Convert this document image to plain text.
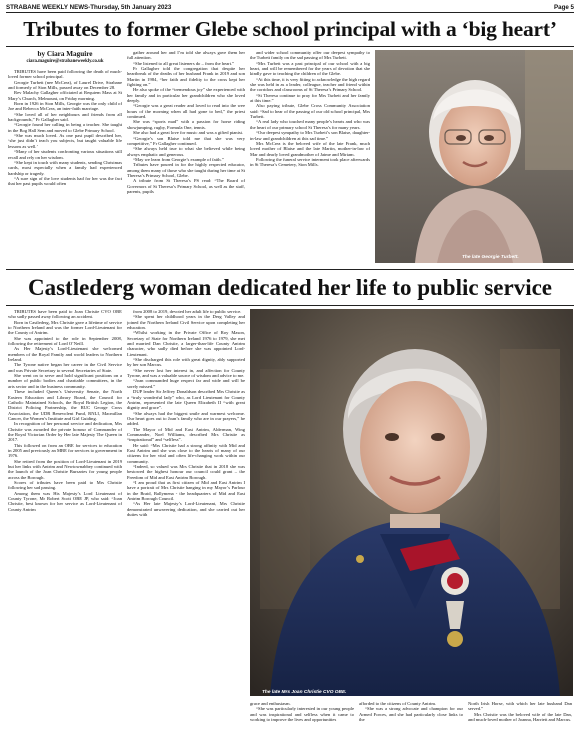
STRABANE WEEKLY NEWS-Thursday, 5th January 2023	Page 5
Tributes to former Glebe school principal with a ‘big heart’
by Ciara Maguire
ciara.maguire@strabaneweekly.co.uk

TRIBUTES have been paid following the death of much-loved former school principal.

Georgie Turbett (nee McCrea), of Laurel Drive, Strabane and formerly of Sion Mills, passed away on December 28.

Rev Malachy Gallagher officiated at Requiem Mass at St Mary’s Church, Melmount, on Friday morning.

Born in 1926 in Sion Mills, Georgie was the only child of Joe and Rebecca McCrea, an inter-faith marriage.

“She loved all of her neighbours and friends from all backgrounds,” Fr Gallagher said.

“Georgie found her calling in being a teacher. She taught in the Bog Hall Sem and moved to Glebe Primary School.

“She was much loved. As one past pupil described her, ‘she just didn’t teach you subjects, but taught valuable life lessons as well.’

“Many of her students confronting various situations still recall and rely on her wisdom.

“She kept in touch with many students, sending Christmas cards, most especially when a family had experienced hardship or tragedy.

“A sure sign of the love students had for her was the fact that her past pupils would often

gather around her and I’m told she always gave them her full attention.

“She listened to all great listeners do – from the heart.”

Fr Gallagher told the congregation that despite her heartbreak of the deaths of her husband Frank in 2019 and son Martin in 1984, “her faith and fidelity to the cross kept her fighting on.”

He also spoke of the “tremendous joy” she experienced with her family and in particular her grandchildren who she loved deeply.

“Georgie was a great reader and loved to read into the wee hours of the morning when all had gone to bed,” the priest continued.

She was “sports mad” with a passion for horse riding showjumping, rugby, Formula One, tennis.

She also had a great love for music and was a gifted pianist.

“Georgie’s son Blaise told me that she was very competitive,” Fr Gallagher continued.

“She always held true to what she believed while being always emphatic and generous.

“May we learn from Georgie’s example of faith.”

Tributes have poured in for the highly respected educator, among them many of those who she taught during her time at St Theresa’s Primary School, Glebe.

A tribute from St Theresa’s PS read: “The Board of Governors of St Theresa’s Primary School, as well as the staff, parents, pupils

and wider school community offer our deepest sympathy to the Turbett family on the sad passing of Mrs Turbett.

“Mrs Turbett was a past principal of our school with a big heart, and will be remembered for the years of devotion that she kindly gave to teaching the children of the Glebe.

“At this time, it is very fitting to acknowledge the high regard she was held in as a leader, colleague, teacher and friend within the corridors and classrooms of St Theresa’s Primary School.

“St Theresa continue to pray for Mrs Turbett and her family at this time.”

Also paying tribute, Glebe Cross Community Association said: “Sad to hear of the passing of our old school principal, Mrs Turbett.

“A real lady who touched many people’s hearts and who was the heart of our primary school St Theresa’s for many years.

“Our deepest sympathy to Mrs Turbett’s son Blaise, daughter-in-law and grandchildren at this sad time.”

Mrs McCrea is the beloved wife of the late Frank, much loved mother of Blaise and the late Martin, mother-in-law of Mar and dearly loved grandmother of Jaime and Miriam.

Following the funeral service interment took place afterwards in St Theresa’s Cemetery, Sion Mills.

The late Georgie Turbett.
Castlederg woman dedicated her life to public service

TRIBUTES have been paid to Joan Christie CVO OBE who sadly passed away following an accident.

Born in Castlederg, Mrs Christie gave a lifetime of service to Northern Ireland and was the former Lord-Lieutenant for the County of Antrim.

She was appointed to the role in September 2008, following the retirement of Lord O’Neill.

As Her Majesty’s Lord-Lieutenant she welcomed members of the Royal Family and world leaders to Northern Ireland.

The Tyrone native began her career in the Civil Service and was Private Secretary to several Secretaries of State.

She went on to serve and hold significant positions on a number of public bodies and charitable committees, in the arts sector and in the business community.

These included Queen’s University Senate, the North Eastern Education and Library Board, the Council for Catholic Maintained Schools, the Royal British Legion, the District Policing Partnership, the RUC George Cross Association, the UDR Benevolent Fund, RNLI, Macmillan Cancer, the Women’s Institute and Girl Guiding.

In recognition of her personal service and dedication, Mrs Christie was awarded the private honour of Commander of the Royal Victorian Order by Her late Majesty The Queen in 2017.

This followed on from an OBE for services to education in 2005 and previously an MBE for services to government in 1976.

She retired from the position of Lord-Lieutenant in 2019 but her links with Antrim and Newtownabbey continued with the launch of the Joan Christie Bursaries for young people across the Borough.

Scores of tributes have been paid to Mrs Christie following her sad passing.

Among them was His Majesty’s Lord Lieutenant of County Tyrone, Mr Robert Scott OBE JP, who said: “Joan Christie, best known for her service as Lord-Lieutenant of County Antrim

from 2008 to 2019, devoted her adult life to public service.

“She spent her childhood years in the Derg Valley and joined the Northern Ireland Civil Service upon completing her education.

“Whilst working in the Private Office of Roy Mason, Secretary of State for Northern Ireland 1976 to 1979, she met and married Dan Christie, a larger-than-life County Antrim character, who sadly died before she was appointed Lord-Lieutenant.

“She discharged this role with great dignity, ably supported by her son Marcus.

“She never lost her interest in, and affection for County Tyrone, and was a valuable source of wisdom and advice to me.

“Joan commanded huge respect far and wide and will be sorely missed.”

DUP leader Sir Jeffrey Donaldson described Mrs Christie as a “truly wonderful lady” who, as Lord Lieutenant for County Antrim, represented the late Queen Elizabeth II “with great dignity and grace”.

“She always had the biggest smile and warmest welcome. Our heart goes out to Joan’s family who are in our prayers,” he added.

The Mayor of Mid and East Antrim, Alderman, Wing Commander, Noel Williams, described Mrs Christie as “inspirational” and “selfless”.

He said: “Mrs Christie had a strong affinity with Mid and East Antrim and she was close to the hearts of many of our citizens for her vital and often life-changing work within our community.

“Indeed, so valued was Mrs Christie that in 2018 she was bestowed the highest honour our council could grant – the Freedom of Mid and East Antrim Borough.

“I am proud that as first citizen of Mid and East Antrim I have a portrait of Mrs Christie hanging in my Mayor’s Parlour in the Braid, Ballymena - the headquarters of Mid and East Antrim Borough Council.

“As Her late Majesty’s Lord-Lieutenant, Mrs Christie demonstrated unwavering dedication, and she carried out her duties with

The late Mrs Joan Christie CVO OBE.

grace and enthusiasm.

“She was particularly interested in our young people and was inspirational and selfless when it came to working to improve the lives and opportunities

afforded to the citizens of County Antrim.

“She was a strong advocate and champion for our Armed Forces, and she had particularly close links to the

North Irish Horse, with which her late husband Dan served.”

Mrs Christie was the beloved wife of the late Dan, and much-loved mother of Joanna, Harriett and Marcus.
